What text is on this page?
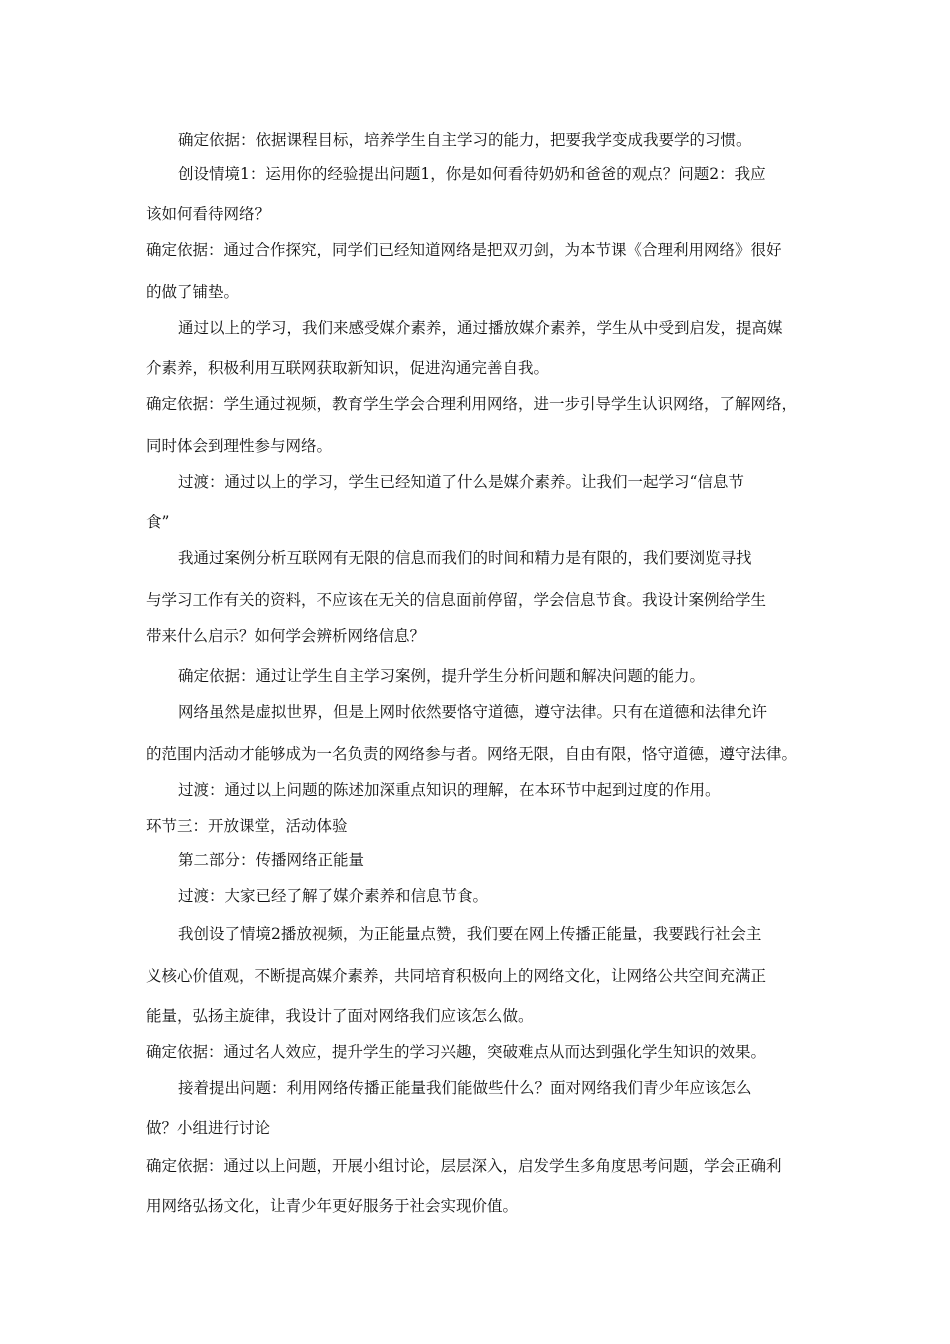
确定依据：依据课程目标，培养学生自主学习的能力，把要我学变成我要学的习惯。
创设情境1：运用你的经验提出问题1，你是如何看待奶奶和爸爸的观点？问题2：我应
该如何看待网络？
确定依据：通过合作探究，同学们已经知道网络是把双刃剑，为本节课《合理利用网络》很好
的做了铺垫。
通过以上的学习，我们来感受媒介素养，通过播放媒介素养，学生从中受到启发，提高媒
介素养，积极利用互联网获取新知识，促进沟通完善自我。
确定依据：学生通过视频，教育学生学会合理利用网络，进一步引导学生认识网络，了解网络，
同时体会到理性参与网络。
过渡：通过以上的学习，学生已经知道了什么是媒介素养。让我们一起学习“信息节
食”
我通过案例分析互联网有无限的信息而我们的时间和精力是有限的，我们要浏览寻找
与学习工作有关的资料，不应该在无关的信息面前停留，学会信息节食。我设计案例给学生
带来什么启示？如何学会辨析网络信息？
确定依据：通过让学生自主学习案例，提升学生分析问题和解决问题的能力。
网络虽然是虚拟世界，但是上网时依然要恪守道德，遵守法律。只有在道德和法律允许
的范围内活动才能够成为一名负责的网络参与者。网络无限，自由有限，恪守道德，遵守法律。
过渡：通过以上问题的陈述加深重点知识的理解，在本环节中起到过度的作用。
环节三：开放课堂，活动体验
第二部分：传播网络正能量
过渡：大家已经了解了媒介素养和信息节食。
我创设了情境2播放视频，为正能量点赞，我们要在网上传播正能量，我要践行社会主
义核心价值观，不断提高媒介素养，共同培育积极向上的网络文化，让网络公共空间充满正
能量，弘扬主旋律，我设计了面对网络我们应该怎么做。
确定依据：通过名人效应，提升学生的学习兴趣，突破难点从而达到强化学生知识的效果。
接着提出问题：利用网络传播正能量我们能做些什么？面对网络我们青少年应该怎么
做？小组进行讨论
确定依据：通过以上问题，开展小组讨论，层层深入，启发学生多角度思考问题，学会正确利
用网络弘扬文化，让青少年更好服务于社会实现价值。
